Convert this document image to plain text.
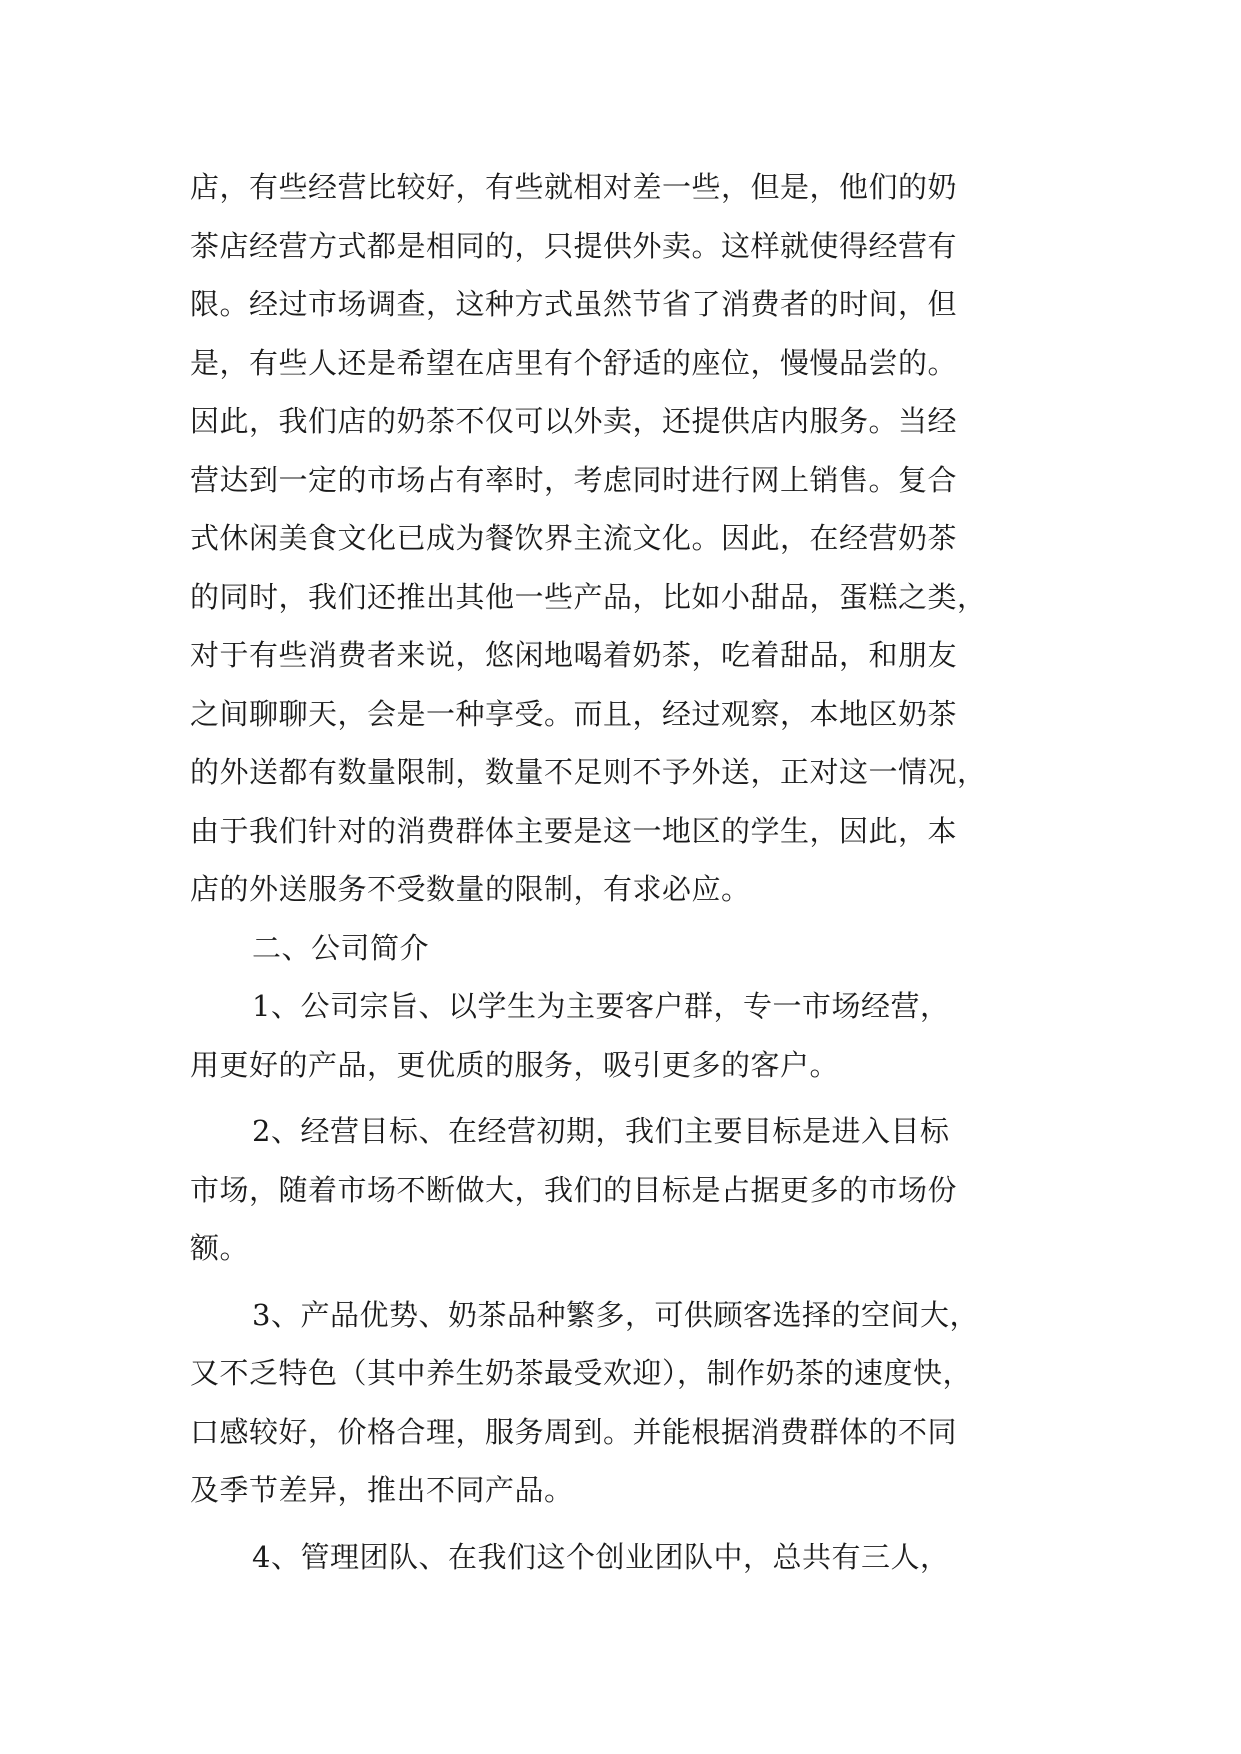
店，有些经营比较好，有些就相对差一些，但是，他们的奶
茶店经营方式都是相同的，只提供外卖。这样就使得经营有
限。经过市场调查，这种方式虽然节省了消费者的时间，但
是，有些人还是希望在店里有个舒适的座位，慢慢品尝的。
因此，我们店的奶茶不仅可以外卖，还提供店内服务。当经
营达到一定的市场占有率时，考虑同时进行网上销售。复合
式休闲美食文化已成为餐饮界主流文化。因此，在经营奶茶
的同时，我们还推出其他一些产品，比如小甜品，蛋糕之类，
对于有些消费者来说，悠闲地喝着奶茶，吃着甜品，和朋友
之间聊聊天，会是一种享受。而且，经过观察，本地区奶茶
的外送都有数量限制，数量不足则不予外送，正对这一情况，
由于我们针对的消费群体主要是这一地区的学生，因此，本
店的外送服务不受数量的限制，有求必应。
二、公司简介
1、公司宗旨、以学生为主要客户群，专一市场经营，
用更好的产品，更优质的服务，吸引更多的客户。
2、经营目标、在经营初期，我们主要目标是进入目标
市场，随着市场不断做大，我们的目标是占据更多的市场份
额。
3、产品优势、奶茶品种繁多，可供顾客选择的空间大，
又不乏特色（其中养生奶茶最受欢迎），制作奶茶的速度快，
口感较好，价格合理，服务周到。并能根据消费群体的不同
及季节差异，推出不同产品。
4、管理团队、在我们这个创业团队中，总共有三人，
